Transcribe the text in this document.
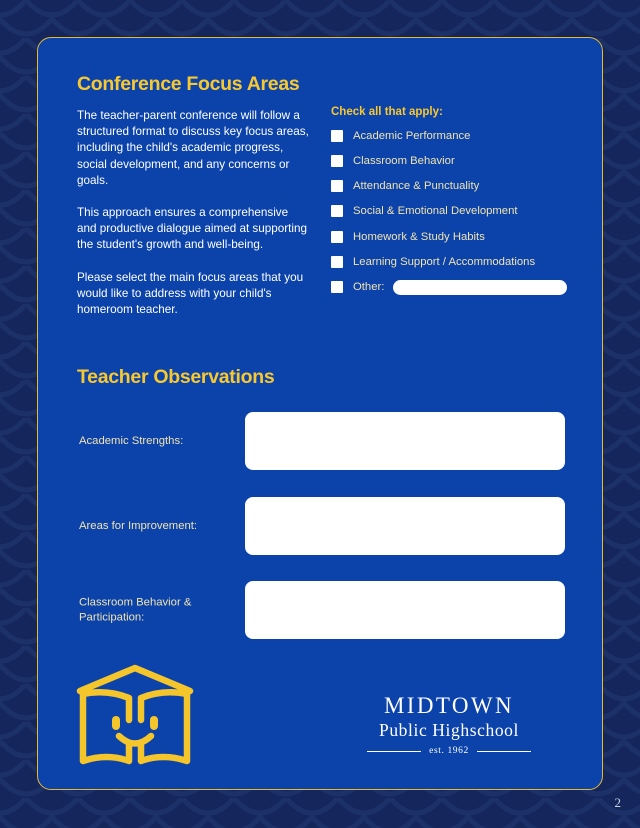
Conference Focus Areas

The teacher-parent conference will follow a structured format to discuss key focus areas, including the child's academic progress, social development, and any concerns or goals.

This approach ensures a comprehensive and productive dialogue aimed at supporting the student's growth and well-being.

Please select the main focus areas that you would like to address with your child's homeroom teacher.

Check all that apply:
Academic Performance
Classroom Behavior
Attendance & Punctuality
Social & Emotional Development
Homework & Study Habits
Learning Support / Accommodations
Other:
Teacher Observations
Academic Strengths:
Areas for Improvement:
Classroom Behavior & Participation:
MIDTOWN
Public Highschool
est. 1962
2
